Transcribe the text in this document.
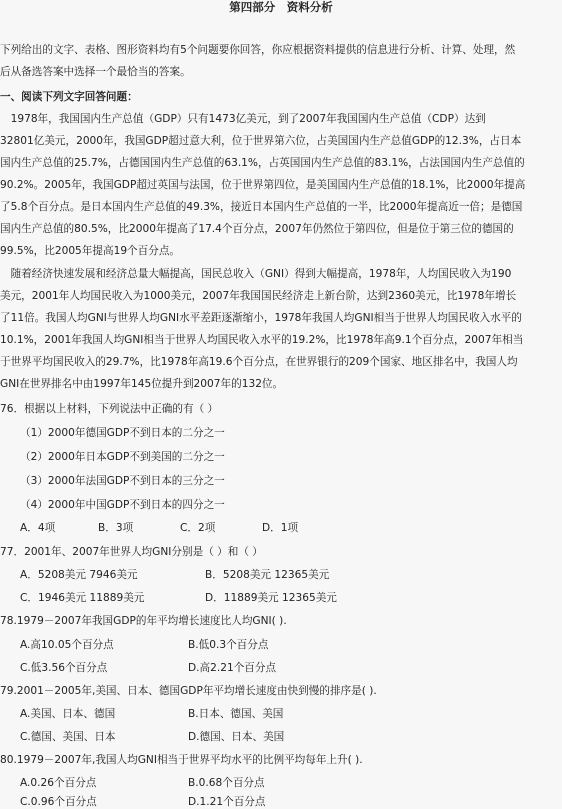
第四部分　资料分析
下列给出的文字、表格、图形资料均有5个问题要你回答，你应根据资料提供的信息进行分析、计算、处理，然
后从备选答案中选择一个最恰当的答案。
一、阅读下列文字回答问题：
　1978年，我国国内生产总值（GDP）只有1473亿美元，到了2007年我国国内生产总值（CDP）达到
32801亿美元，2000年，我国GDP超过意大利，位于世界第六位，占美国国内生产总值GDP的12.3%，占日本
国内生产总值的25.7%，占德国国内生产总值的63.1%，占英国国内生产总值的83.1%，占法国国内生产总值的
90.2%。2005年，我国GDP超过英国与法国，位于世界第四位，是美国国内生产总值的18.1%，比2000年提高
了5.8个百分点。是日本国内生产总值的49.3%，接近日本国内生产总值的一半，比2000年提高近一倍；是德国
国内生产总值的80.5%，比2000年提高了17.4个百分点，2007年仍然位于第四位，但是位于第三位的德国的
99.5%，比2005年提高19个百分点。
　随着经济快速发展和经济总量大幅提高，国民总收入（GNI）得到大幅提高，1978年，人均国民收入为190
美元，2001年人均国民收入为1000美元，2007年我国国民经济走上新台阶，达到2360美元，比1978年增长
了11倍。我国人均GNI与世界人均GNI水平差距逐渐缩小，1978年我国人均GNI相当于世界人均国民收入水平的
10.1%，2001年我国人均GNI相当于世界人均国民收入水平的19.2%，比1978年高9.1个百分点，2007年相当
于世界平均国民收入的29.7%，比1978年高19.6个百分点，在世界银行的209个国家、地区排名中，我国人均
GNI在世界排名中由1997年145位提升到2007年的132位。
76．根据以上材料，下列说法中正确的有（ ）
（1）2000年德国GDP不到日本的二分之一
（2）2000年日本GDP不到美国的二分之一
（3）2000年法国GDP不到日本的三分之一
（4）2000年中国GDP不到日本的四分之一
A．4项	B．3项	C．2项	D．1项
77．2001年、2007年世界人均GNI分别是（ ）和（ ）
A．5208美元 7946美元	B．5208美元 12365美元
C．1946美元 11889美元	D．11889美元 12365美元
78.1979－2007年我国GDP的年平均增长速度比人均GNI( ).
A.高10.05个百分点	B.低0.3个百分点
C.低3.56个百分点	D.高2.21个百分点
79.2001－2005年,美国、日本、德国GDP年平均增长速度由快到慢的排序是( ).
A.美国、日本、德国	B.日本、德国、美国
C.德国、美国、日本	D.德国、日本、美国
80.1979－2007年,我国人均GNI相当于世界平均水平的比例平均每年上升( ).
A.0.26个百分点	B.0.68个百分点
C.0.96个百分点	D.1.21个百分点
